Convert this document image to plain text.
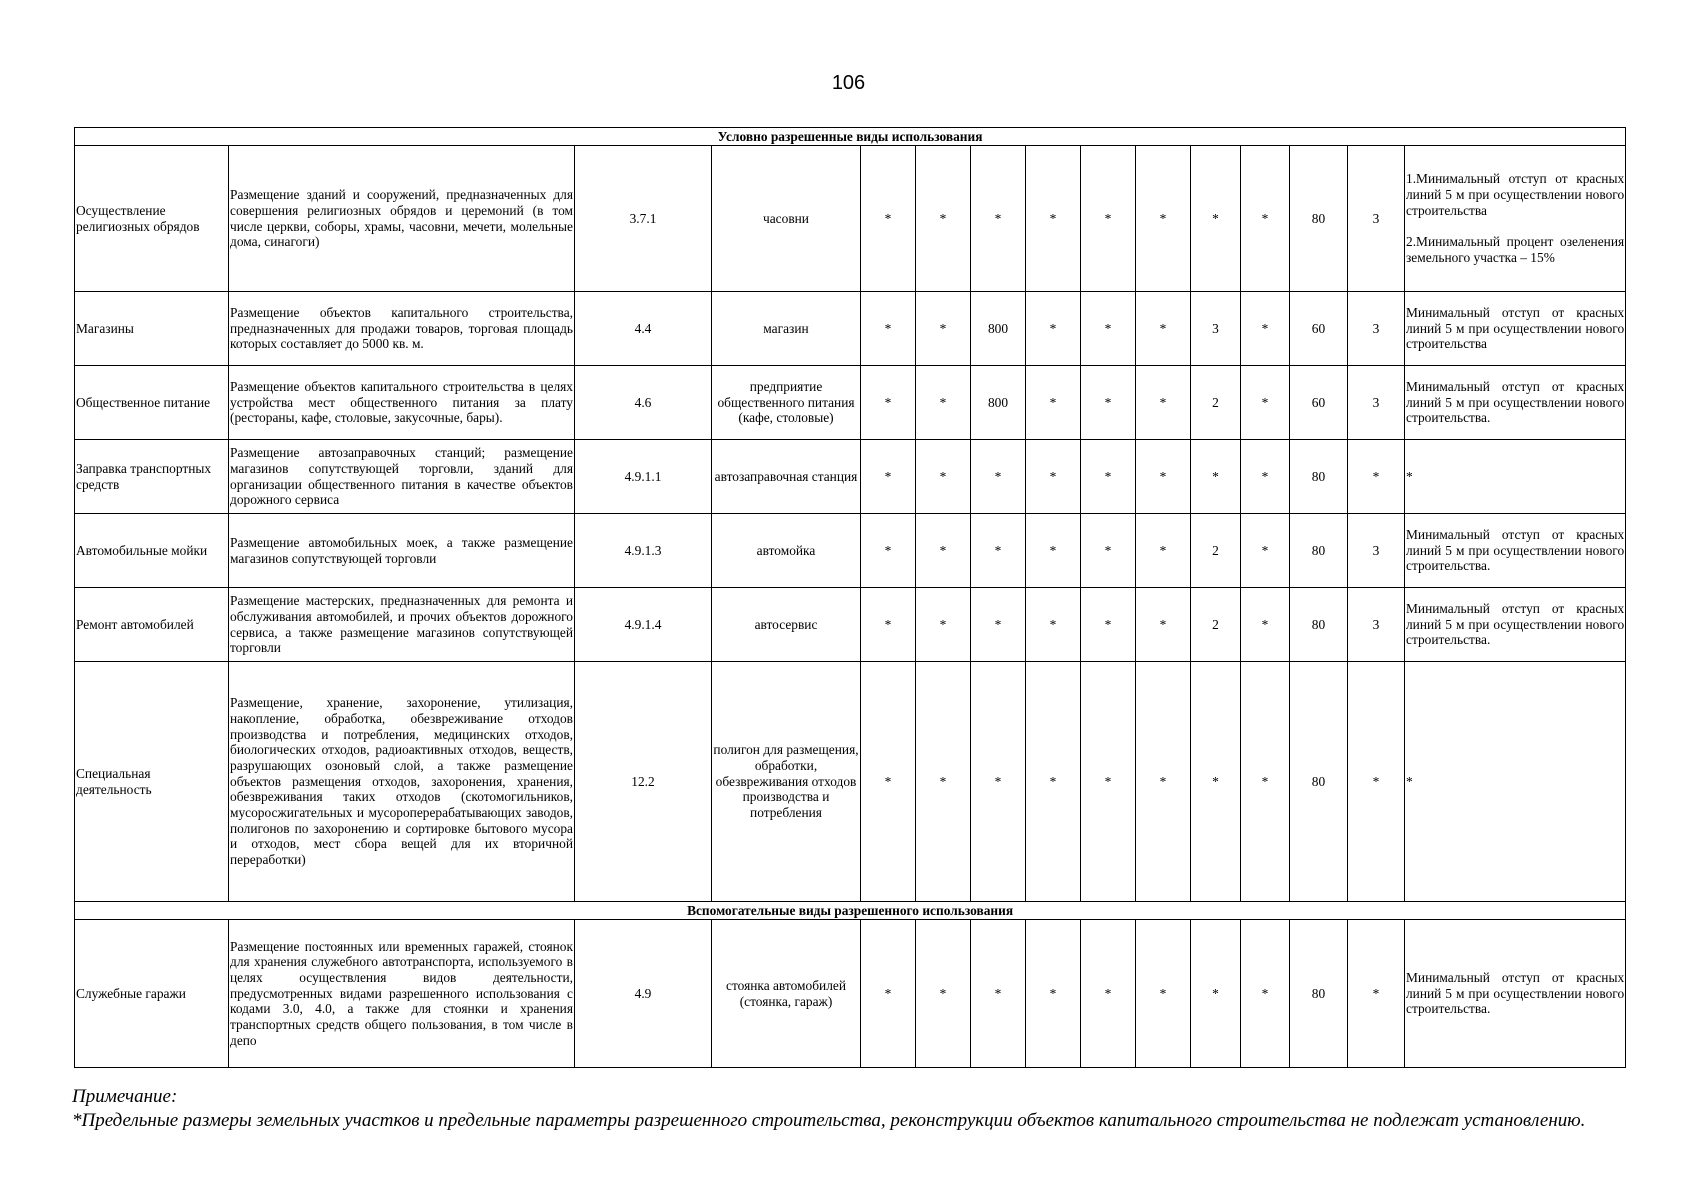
106
Условно разрешенные виды использования														
Осуществление религиозных обрядов	Размещение зданий и сооружений, предназначенных для совершения религиозных обрядов и церемоний (в том числе церкви, соборы, храмы, часовни, мечети, молельные дома, синагоги)	3.7.1	часовни	*	*	*	*	*	*	*	*	80	3	1.Минимальный отступ от красных линий 5 м при осуществлении нового строительства
2.Минимальный процент озеленения земельного участка – 15%

Магазины	Размещение объектов капитального строительства, предназначенных для продажи товаров, торговая площадь которых составляет до 5000 кв. м.	4.4	магазин	*	*	800	*	*	*	3	*	60	3	Минимальный отступ от красных линий 5 м при осуществлении нового строительства

Общественное питание	Размещение объектов капитального строительства в целях устройства мест общественного питания за плату (рестораны, кафе, столовые, закусочные, бары).	4.6	предприятие общественного питания (кафе, столовые)	*	*	800	*	*	*	2	*	60	3	Минимальный отступ от красных линий 5 м при осуществлении нового строительства.

Заправка транспортных средств	Размещение автозаправочных станций; размещение магазинов сопутствующей торговли, зданий для организации общественного питания в качестве объектов дорожного сервиса	4.9.1.1	автозаправочная станция	*	*	*	*	*	*	*	*	80	*	*

Автомобильные мойки	Размещение автомобильных моек, а также размещение магазинов сопутствующей торговли	4.9.1.3	автомойка	*	*	*	*	*	*	2	*	80	3	Минимальный отступ от красных линий 5 м при осуществлении нового строительства.

Ремонт автомобилей	Размещение мастерских, предназначенных для ремонта и обслуживания автомобилей, и прочих объектов дорожного сервиса, а также размещение магазинов сопутствующей торговли	4.9.1.4	автосервис	*	*	*	*	*	*	2	*	80	3	Минимальный отступ от красных линий 5 м при осуществлении нового строительства.

Специальная деятельность	Размещение, хранение, захоронение, утилизация, накопление, обработка, обезвреживание отходов производства и потребления, медицинских отходов, биологических отходов, радиоактивных отходов, веществ, разрушающих озоновый слой, а также размещение объектов размещения отходов, захоронения, хранения, обезвреживания таких отходов (скотомогильников, мусоросжигательных и мусороперерабатывающих заводов, полигонов по захоронению и сортировке бытового мусора и отходов, мест сбора вещей для их вторичной переработки)	12.2	полигон для размещения, обработки, обезвреживания отходов производства и потребления	*	*	*	*	*	*	*	*	80	*	*

Вспомогательные виды разрешенного использования														
Служебные гаражи	Размещение постоянных или временных гаражей, стоянок для хранения служебного автотранспорта, используемого в целях осуществления видов деятельности, предусмотренных видами разрешенного использования с кодами 3.0, 4.0, а также для стоянки и хранения транспортных средств общего пользования, в том числе в депо	4.9	стоянка автомобилей (стоянка, гараж)	*	*	*	*	*	*	*	*	80	*	Минимальный отступ от красных линий 5 м при осуществлении нового строительства.
Примечание:
*Предельные размеры земельных участков и предельные параметры разрешенного строительства, реконструкции объектов капитального строительства не подлежат установлению.
